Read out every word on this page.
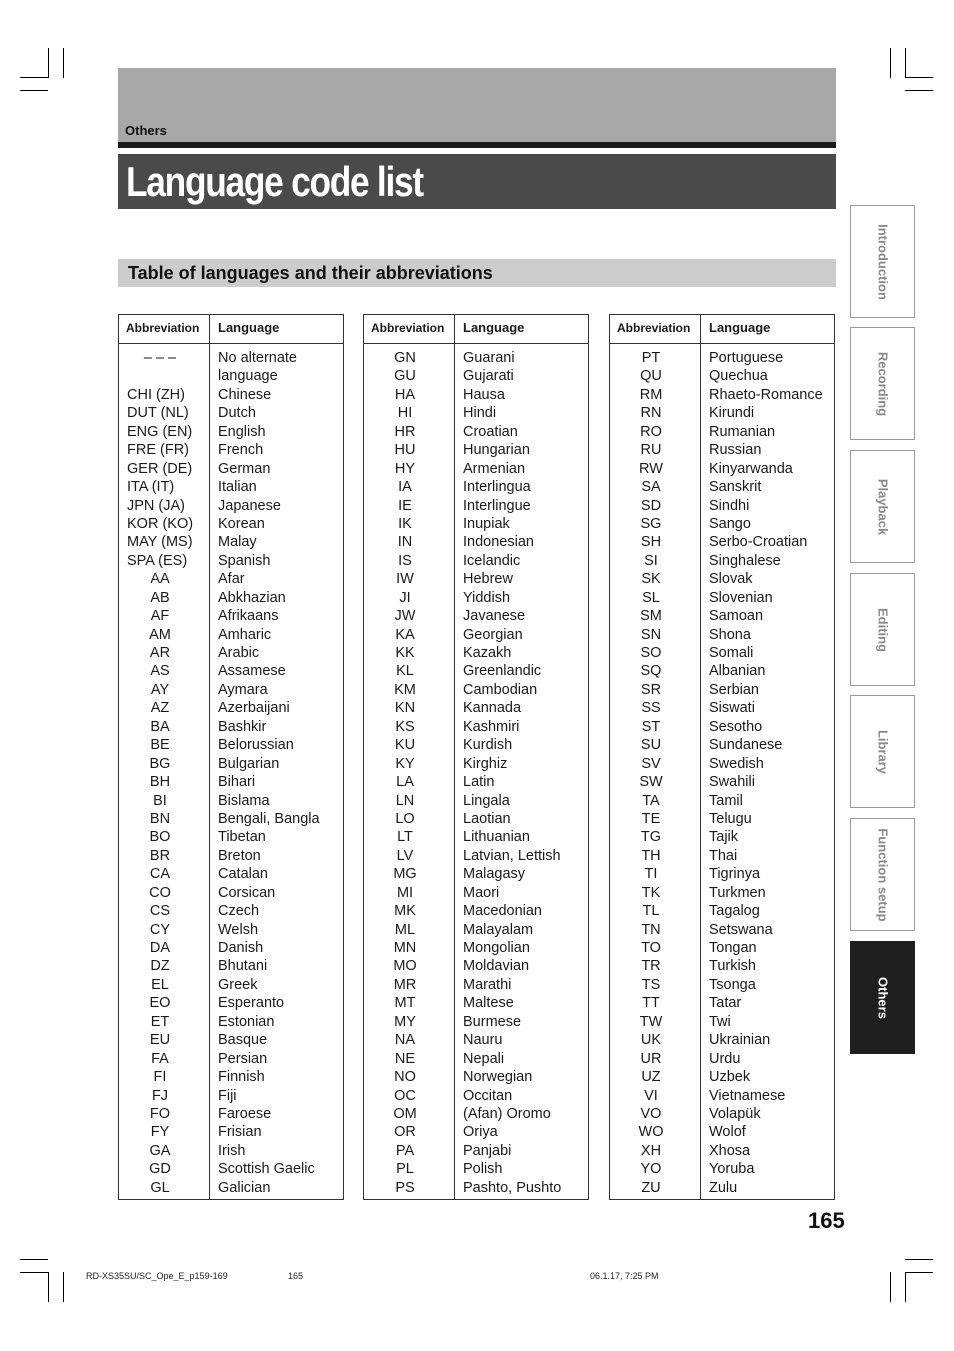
Others
Language code list
Table of languages and their abbreviations
Abbreviation Language
– – –	No alternate
language
CHI (ZH)	Chinese
DUT (NL)	Dutch
ENG (EN)	English
FRE (FR)	French
GER (DE)	German
ITA (IT)	Italian
JPN (JA)	Japanese
KOR (KO)	Korean
MAY (MS)	Malay
SPA (ES)	Spanish
AA	Afar
AB	Abkhazian
AF	Afrikaans
AM	Amharic
AR	Arabic
AS	Assamese
AY	Aymara
AZ	Azerbaijani
BA	Bashkir
BE	Belorussian
BG	Bulgarian
BH	Bihari
BI	Bislama
BN	Bengali, Bangla
BO	Tibetan
BR	Breton
CA	Catalan
CO	Corsican
CS	Czech
CY	Welsh
DA	Danish
DZ	Bhutani
EL	Greek
EO	Esperanto
ET	Estonian
EU	Basque
FA	Persian
FI	Finnish
FJ	Fiji
FO	Faroese
FY	Frisian
GA	Irish
GD	Scottish Gaelic
GL	Galician
Abbreviation Language
GN	Guarani
GU	Gujarati
HA	Hausa
HI	Hindi
HR	Croatian
HU	Hungarian
HY	Armenian
IA	Interlingua
IE	Interlingue
IK	Inupiak
IN	Indonesian
IS	Icelandic
IW	Hebrew
JI	Yiddish
JW	Javanese
KA	Georgian
KK	Kazakh
KL	Greenlandic
KM	Cambodian
KN	Kannada
KS	Kashmiri
KU	Kurdish
KY	Kirghiz
LA	Latin
LN	Lingala
LO	Laotian
LT	Lithuanian
LV	Latvian, Lettish
MG	Malagasy
MI	Maori
MK	Macedonian
ML	Malayalam
MN	Mongolian
MO	Moldavian
MR	Marathi
MT	Maltese
MY	Burmese
NA	Nauru
NE	Nepali
NO	Norwegian
OC	Occitan
OM	(Afan) Oromo
OR	Oriya
PA	Panjabi
PL	Polish
PS	Pashto, Pushto
Abbreviation Language
PT	Portuguese
QU	Quechua
RM	Rhaeto-Romance
RN	Kirundi
RO	Rumanian
RU	Russian
RW	Kinyarwanda
SA	Sanskrit
SD	Sindhi
SG	Sango
SH	Serbo-Croatian
SI	Singhalese
SK	Slovak
SL	Slovenian
SM	Samoan
SN	Shona
SO	Somali
SQ	Albanian
SR	Serbian
SS	Siswati
ST	Sesotho
SU	Sundanese
SV	Swedish
SW	Swahili
TA	Tamil
TE	Telugu
TG	Tajik
TH	Thai
TI	Tigrinya
TK	Turkmen
TL	Tagalog
TN	Setswana
TO	Tongan
TR	Turkish
TS	Tsonga
TT	Tatar
TW	Twi
UK	Ukrainian
UR	Urdu
UZ	Uzbek
VI	Vietnamese
VO	Volapük
WO	Wolof
XH	Xhosa
YO	Yoruba
ZU	Zulu
Introduction
Recording
Playback
Editing
Library
Function setup
Others
165
RD-XS35SU/SC_Ope_E_p159-169	165	06.1.17, 7:25 PM
